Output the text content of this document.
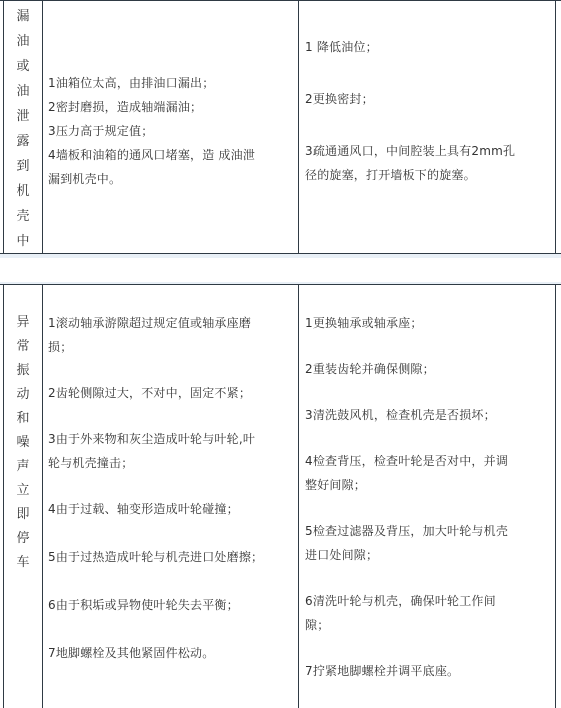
漏
油
或
油
泄
露
到
机
壳
中

1油箱位太高，由排油口漏出；

2密封磨损，造成轴端漏油；

3压力高于规定值；

4墙板和油箱的通风口堵塞，造 成油泄

漏到机壳中。

1 降低油位；

2更换密封；

3疏通通风口，中间腔装上具有2mm孔

径的旋塞，打开墙板下的旋塞。

异
常
振
动
和
噪
声
立
即
停
车

1滚动轴承游隙超过规定值或轴承座磨

损；

2齿轮侧隙过大，不对中，固定不紧；

3由于外来物和灰尘造成叶轮与叶轮,叶

轮与机壳撞击；

4由于过载、轴变形造成叶轮碰撞；

5由于过热造成叶轮与机壳进口处磨擦；

6由于积垢或异物使叶轮失去平衡；

7地脚螺栓及其他紧固件松动。

1更换轴承或轴承座；

2重装齿轮并确保侧隙；

3清洗鼓风机，检查机壳是否损坏；

4检查背压，检查叶轮是否对中，并调

整好间隙；

5检查过滤器及背压，加大叶轮与机壳

进口处间隙；

6清洗叶轮与机壳，确保叶轮工作间

隙；

7拧紧地脚螺栓并调平底座。
